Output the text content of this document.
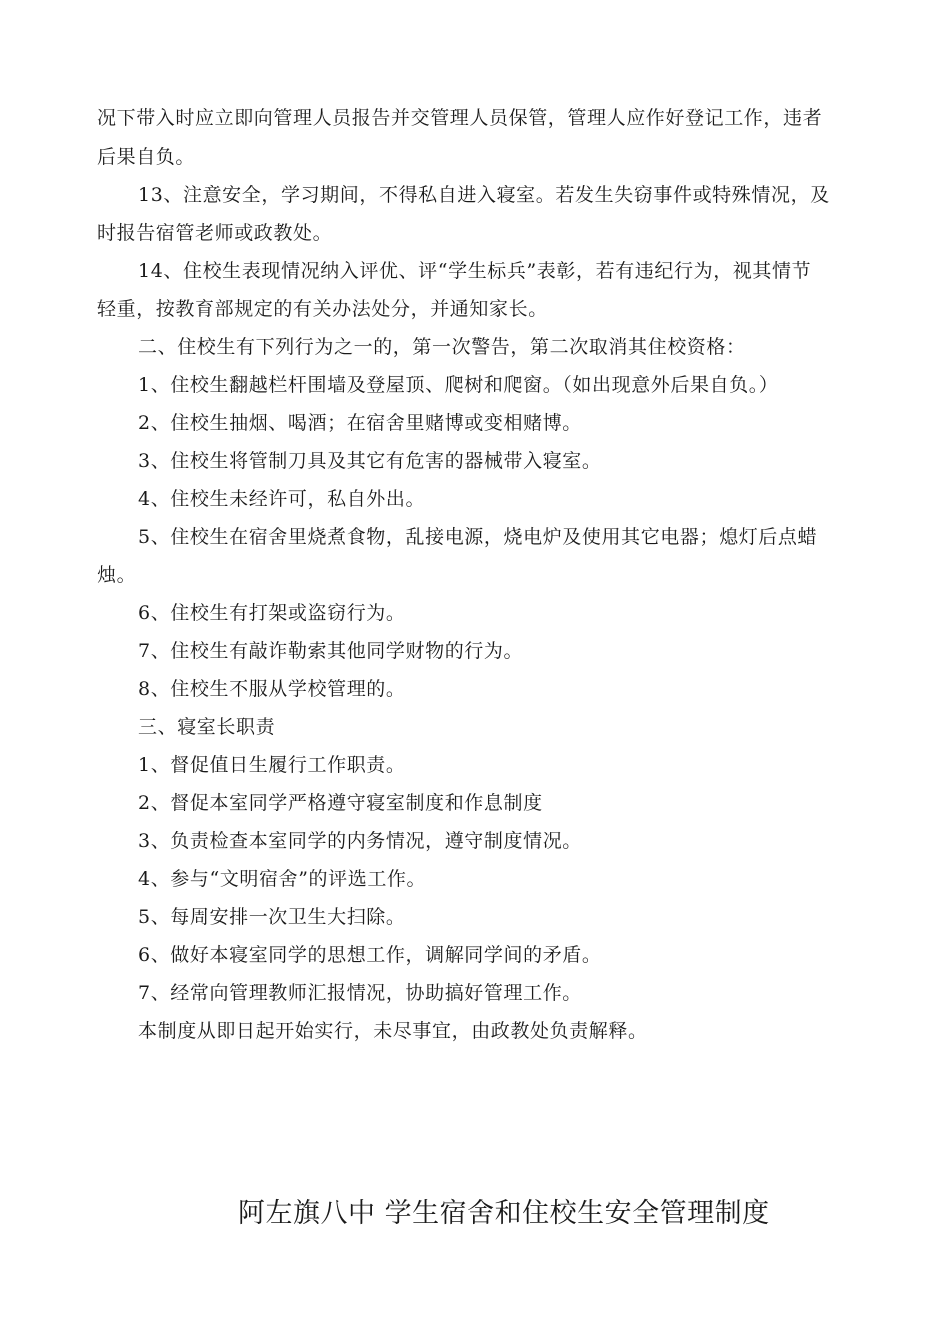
况下带入时应立即向管理人员报告并交管理人员保管，管理人应作好登记工作，违者
后果自负。
13、注意安全，学习期间，不得私自进入寝室。若发生失窃事件或特殊情况，及
时报告宿管老师或政教处。
14、住校生表现情况纳入评优、评“学生标兵”表彰，若有违纪行为，视其情节
轻重，按教育部规定的有关办法处分，并通知家长。
二、住校生有下列行为之一的，第一次警告，第二次取消其住校资格：
1、住校生翻越栏杆围墙及登屋顶、爬树和爬窗。（如出现意外后果自负。）
2、住校生抽烟、喝酒；在宿舍里赌博或变相赌博。
3、住校生将管制刀具及其它有危害的器械带入寝室。
4、住校生未经许可，私自外出。
5、住校生在宿舍里烧煮食物，乱接电源，烧电炉及使用其它电器；熄灯后点蜡
烛。
6、住校生有打架或盗窃行为。
7、住校生有敲诈勒索其他同学财物的行为。
8、住校生不服从学校管理的。
三、寝室长职责
1、督促值日生履行工作职责。
2、督促本室同学严格遵守寝室制度和作息制度
3、负责检查本室同学的内务情况，遵守制度情况。
4、参与“文明宿舍”的评选工作。
5、每周安排一次卫生大扫除。
6、做好本寝室同学的思想工作，调解同学间的矛盾。
7、经常向管理教师汇报情况，协助搞好管理工作。
本制度从即日起开始实行，未尽事宜，由政教处负责解释。
阿左旗八中 学生宿舍和住校生安全管理制度
